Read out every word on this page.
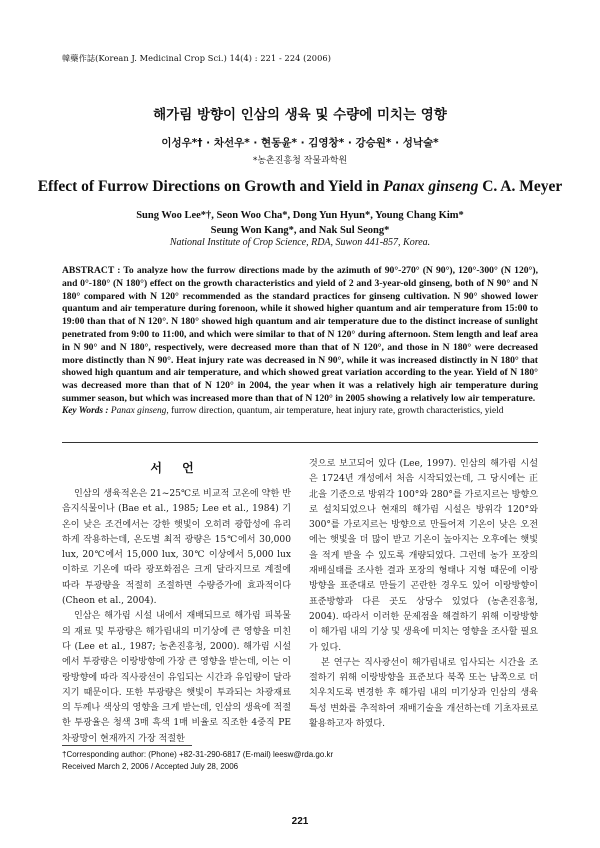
韓藥作誌(Korean J. Medicinal Crop Sci.) 14(4) : 221 - 224 (2006)
해가림 방향이 인삼의 생육 및 수량에 미치는 영향
이성우*† · 차선우* · 현동윤* · 김영창* · 강승원* · 성낙술*
*농촌진흥청 작물과학원
Effect of Furrow Directions on Growth and Yield in Panax ginseng C. A. Meyer
Sung Woo Lee*†, Seon Woo Cha*, Dong Yun Hyun*, Young Chang Kim*
Seung Won Kang*, and Nak Sul Seong*
National Institute of Crop Science, RDA, Suwon 441-857, Korea.
ABSTRACT : To analyze how the furrow directions made by the azimuth of 90°-270° (N 90°), 120°-300° (N 120°), and 0°-180° (N 180°) effect on the growth characteristics and yield of 2 and 3-year-old ginseng, both of N 90° and N 180° compared with N 120° recommended as the standard practices for ginseng cultivation. N 90° showed lower quantum and air temperature during forenoon, while it showed higher quantum and air temperature from 15:00 to 19:00 than that of N 120°. N 180° showed high quantum and air temperature due to the distinct increase of sunlight penetrated from 9:00 to 11:00, and which were similar to that of N 120° during afternoon. Stem length and leaf area in N 90° and N 180°, respectively, were decreased more than that of N 120°, and those in N 180° were decreased more distinctly than N 90°. Heat injury rate was decreased in N 90°, while it was increased distinctly in N 180° that showed high quantum and air temperature, and which showed great variation according to the year. Yield of N 180° was decreased more than that of N 120° in 2004, the year when it was a relatively high air temperature during summer season, but which was increased more than that of N 120° in 2005 showing a relatively low air temperature.
Key Words : Panax ginseng, furrow direction, quantum, air temperature, heat injury rate, growth characteristics, yield
서 언

인삼의 생육적온은 21~25℃로 비교적 고온에 약한 반음지식물이나 (Bae et al., 1985; Lee et al., 1984) 기온이 낮은 조건에서는 강한 햇빛이 오히려 광합성에 유리하게 작용하는데, 온도별 최적 광량은 15℃에서 30,000 lux, 20℃에서 15,000 lux, 30℃ 이상에서 5,000 lux 이하로 기온에 따라 광포화점은 크게 달라지므로 계절에 따라 투광량을 적절히 조절하면 수량증가에 효과적이다 (Cheon et al., 2004).

인삼은 해가림 시설 내에서 재배되므로 해가림 피복물의 재료 및 투광량은 해가림내의 미기상에 큰 영향을 미친다 (Lee et al., 1987; 농촌진흥청, 2000). 해가림 시설에서 투광량은 이랑방향에 가장 큰 영향을 받는데, 이는 이랑방향에 따라 직사광선이 유입되는 시간과 유입량이 달라지기 때문이다. 또한 투광량은 햇빛이 투과되는 차광재료의 두께나 색상의 영향을 크게 받는데, 인삼의 생육에 적절한 투광율은 청색 3매 흑색 1매 비율로 직조한 4중직 PE 차광망이 현재까지 가장 적절한

것으로 보고되어 있다 (Lee, 1997). 인삼의 해가림 시설은 1724년 개성에서 처음 시작되었는데, 그 당시에는 正北을 기준으로 방위각 100°와 280°를 가로지르는 방향으로 설치되었으나 현재의 해가림 시설은 방위각 120°와 300°를 가로지르는 방향으로 만들어져 기온이 낮은 오전에는 햇빛을 더 많이 받고 기온이 높아지는 오후에는 햇빛을 적게 받을 수 있도록 개량되었다. 그런데 농가 포장의 재배실태를 조사한 결과 포장의 형태나 지형 때문에 이랑방향을 표준대로 만들기 곤란한 경우도 있어 이랑방향이 표준방향과 다른 곳도 상당수 있었다 (농촌진흥청, 2004). 따라서 이러한 문제점을 해결하기 위해 이랑방향이 해가림 내의 기상 및 생육에 미치는 영향을 조사할 필요가 있다.

본 연구는 직사광선이 해가림내로 입사되는 시간을 조절하기 위해 이랑방향을 표준보다 북쪽 또는 남쪽으로 더 치우치도록 변경한 후 해가림 내의 미기상과 인삼의 생육특성 변화를 추적하여 재배기술을 개선하는데 기초자료로 활용하고자 하였다.

†Corresponding author: (Phone) +82-31-290-6817 (E-mail) leesw@rda.go.kr
Received March 2, 2006 / Accepted July 28, 2006
221
